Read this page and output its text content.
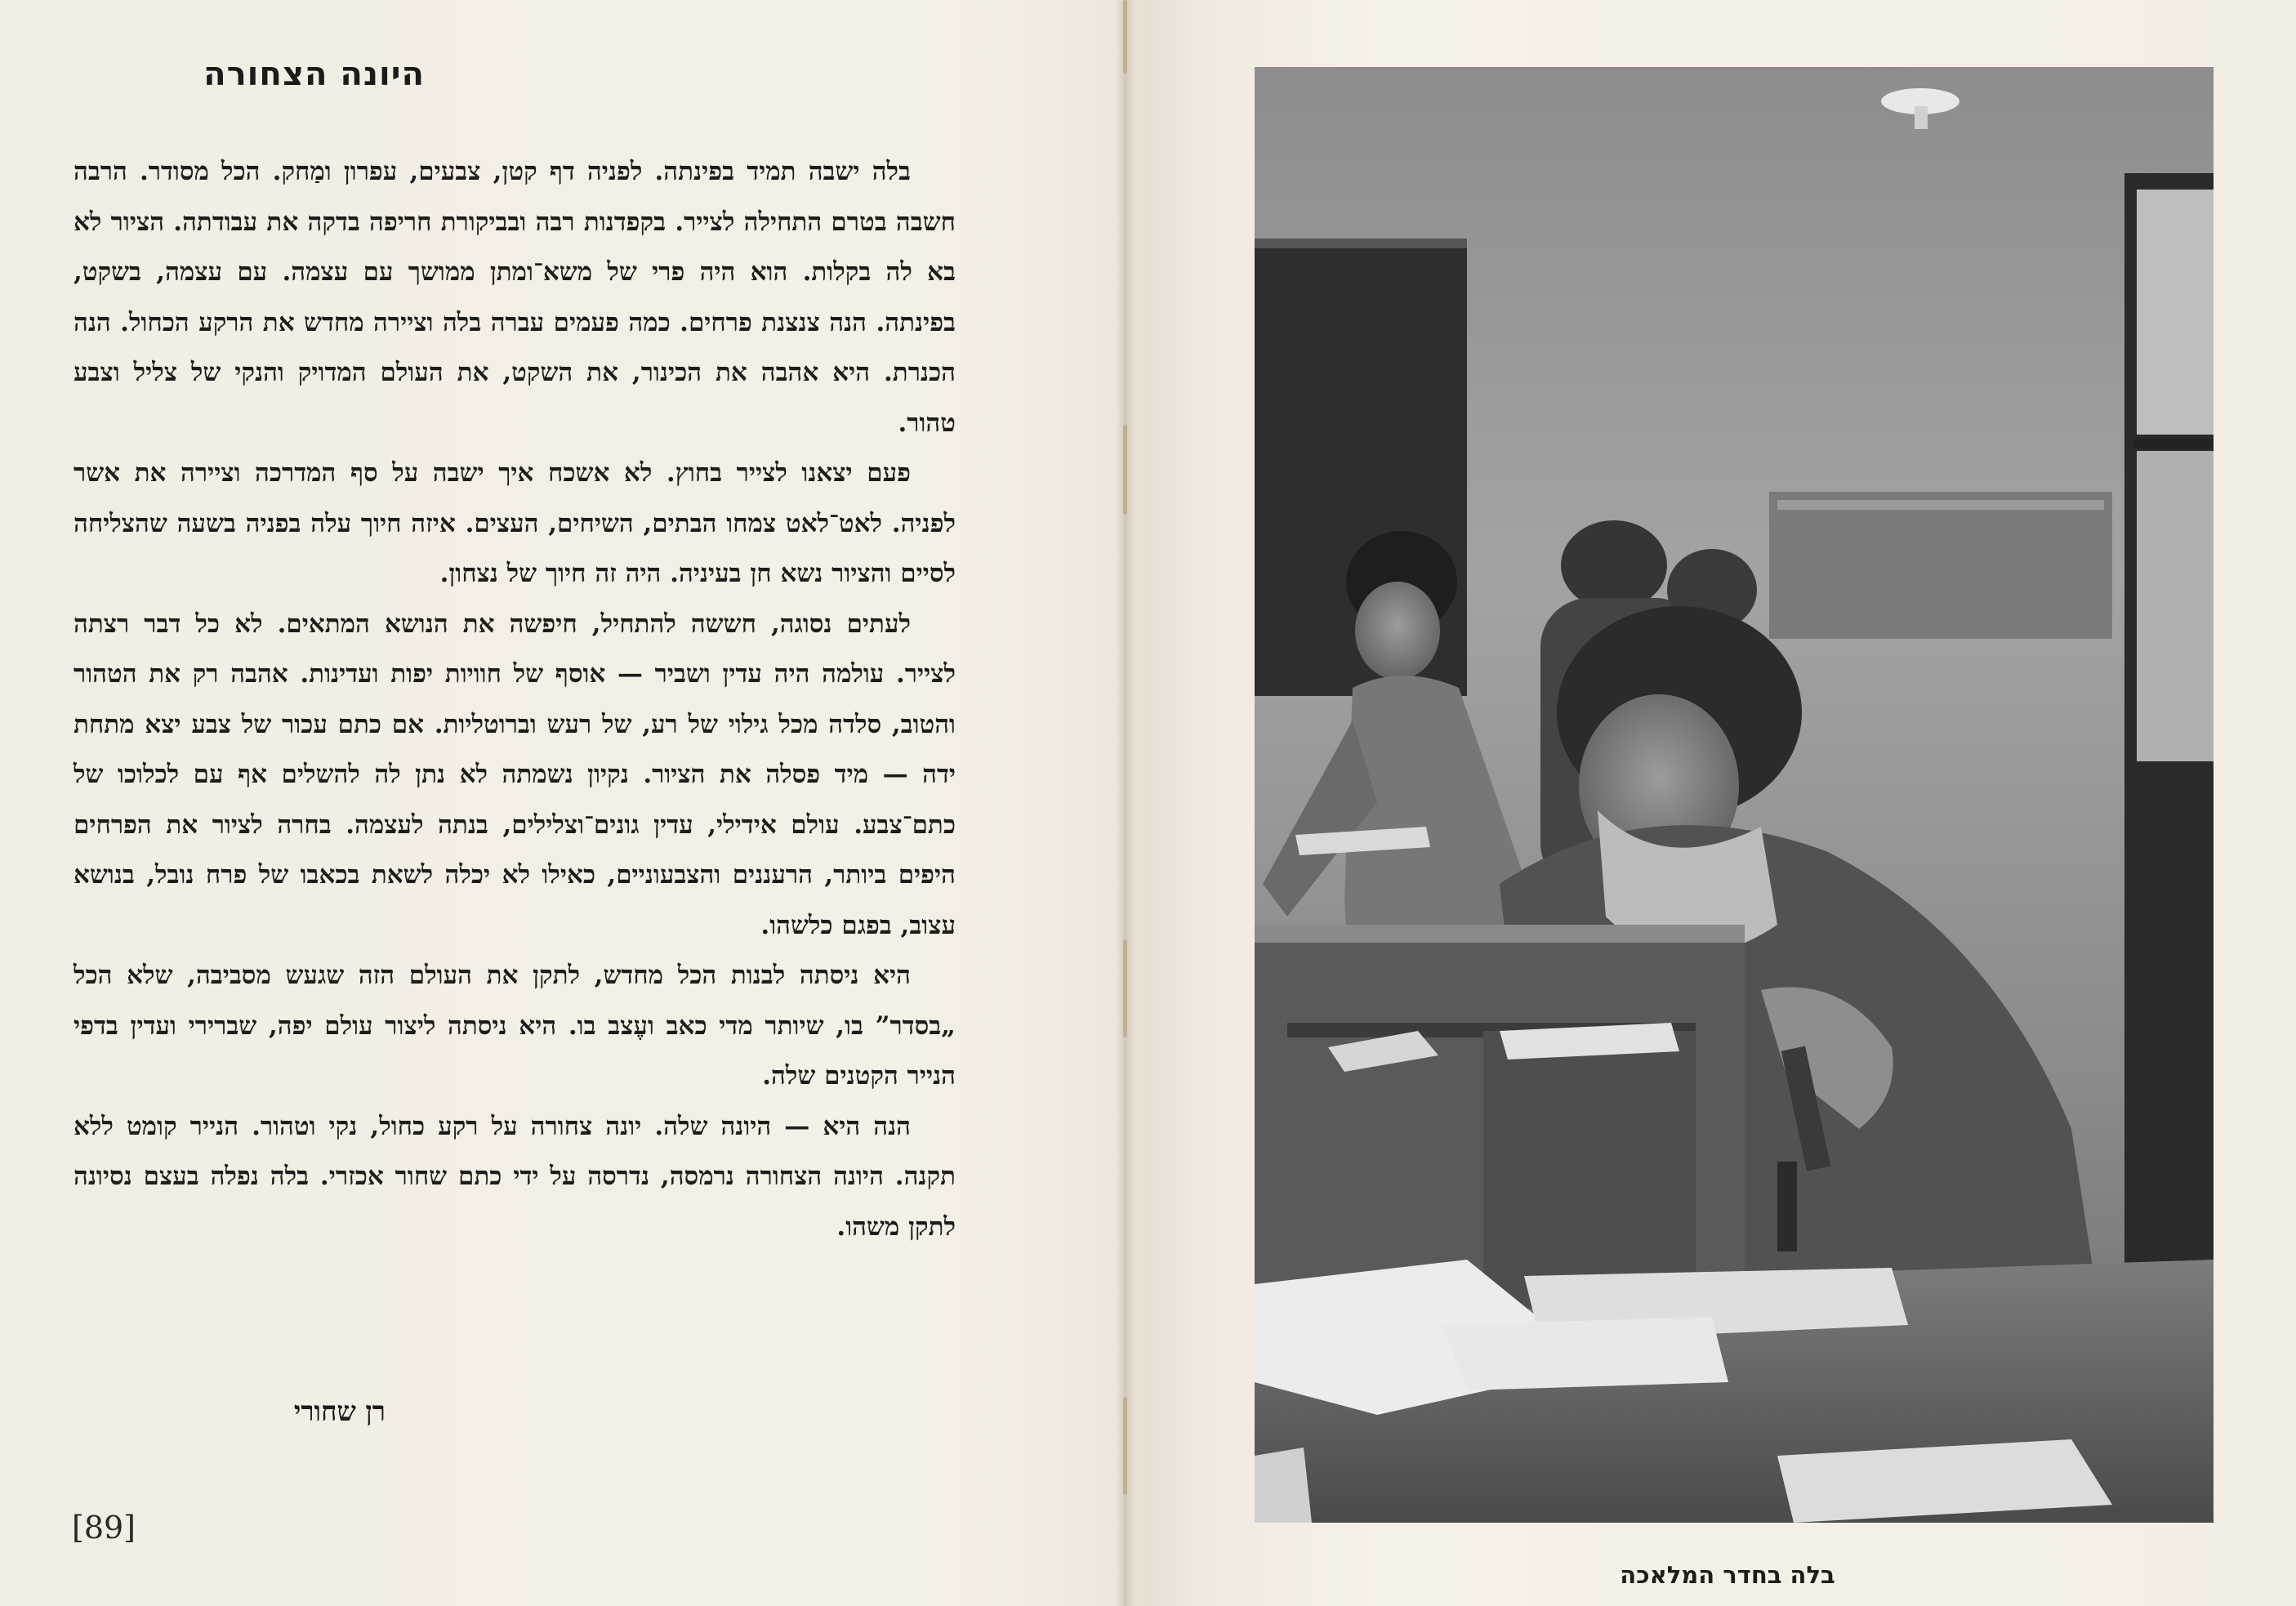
היונה הצחורה

בלה ישבה תמיד בפינתה. לפניה דף קטן, צבעים, עפרון ומַחק. הכל מסודר. הרבה חשבה בטרם התחילה לצייר. בקפדנות רבה ובביקורת חריפה בדקה את עבודתה. הציור לא בא לה בקלות. הוא היה פרי של משא־ומתן ממושך עם עצמה. עם עצמה, בשקט, בפינתה. הנה צנצנת פרחים. כמה פעמים עברה בלה וציירה מחדש את הרקע הכחול. הנה הכנרת. היא אהבה את הכינור, את השקט, את העולם המדויק והנקי של צליל וצבע טהור.

פעם יצאנו לצייר בחוץ. לא אשכח איך ישבה על סף המדרכה וציירה את אשר לפניה. לאט־לאט צמחו הבתים, השיחים, העצים. איזה חיוך עלה בפניה בשעה שהצליחה לסיים והציור נשא חן בעיניה. היה זה חיוך של נצחון.

לעתים נסוגה, חששה להתחיל, חיפשה את הנושא המתאים. לא כל דבר רצתה לצייר. עולמה היה עדין ושביר — אוסף של חוויות יפות ועדינות. אהבה רק את הטהור והטוב, סלדה מכל גילוי של רע, של רעש וברוטליות. אם כתם עכור של צבע יצא מתחת ידה — מיד פסלה את הציור. נקיון נשמתה לא נתן לה להשלים אף עם לכלוכו של כתם־צבע. עולם אידילי, עדין גונים־וצלילים, בנתה לעצמה. בחרה לציור את הפרחים היפים ביותר, הרעננים והצבעוניים, כאילו לא יכלה לשאת בכאבו של פרח נובל, בנושא עצוב, בפגם כלשהו.

היא ניסתה לבנות הכל מחדש, לתקן את העולם הזה שגעש מסביבה, שלא הכל „בסדר” בו, שיותר מדי כאב ועֶצב בו. היא ניסתה ליצור עולם יפה, שברירי ועדין בדפי הנייר הקטנים שלה.

הנה היא — היונה שלה. יונה צחורה על רקע כחול, נקי וטהור. הנייר קומט ללא תקנה. היונה הצחורה נרמסה, נדרסה על ידי כתם שחור אכזרי. בלה נפלה בעצם נסיונה לתקן משהו.

רן שחורי
[89]
בלה בחדר המלאכה
